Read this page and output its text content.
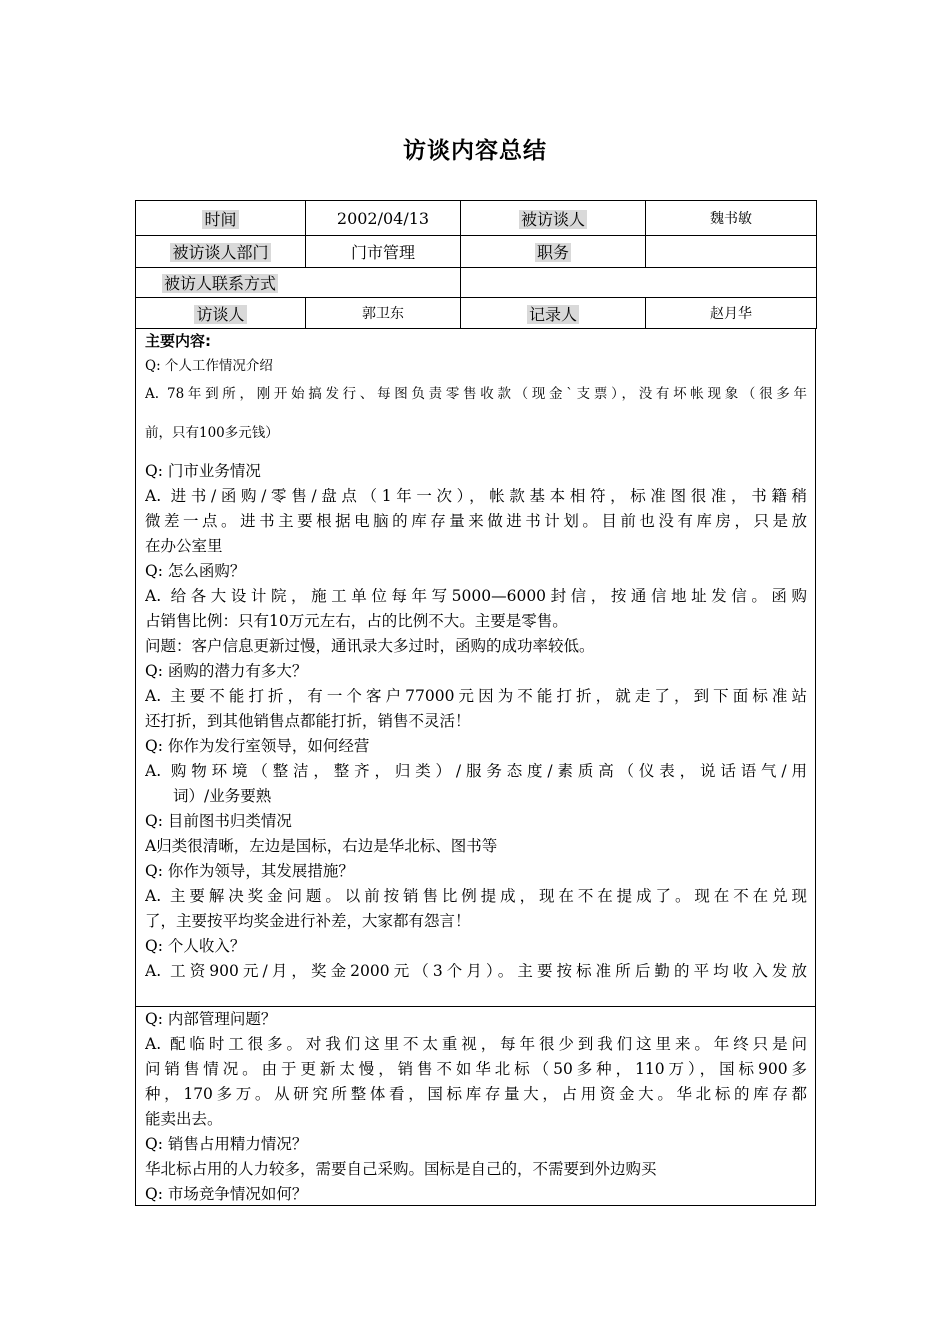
访谈内容总结
时间	2002/04/13	被访谈人	魏书敏
被访谈人部门	门市管理	职务	
被访人联系方式			
访谈人	郭卫东	记录人	赵月华
主要内容:
Q: 个人工作情况介绍
A. 78年到所，刚开始搞发行、每图负责零售收款（现金`支票），没有坏帐现象（很多年
前，只有100多元钱）
Q: 门市业务情况
A. 进书/函购/零售/盘点（1年一次），帐款基本相符，标准图很准，书籍稍
微差一点。进书主要根据电脑的库存量来做进书计划。目前也没有库房，只是放
在办公室里
Q: 怎么函购？
A. 给各大设计院，施工单位每年写5000—6000封信，按通信地址发信。函购
占销售比例：只有10万元左右，占的比例不大。主要是零售。
问题：客户信息更新过慢，通讯录大多过时，函购的成功率较低。
Q: 函购的潜力有多大？
A. 主要不能打折，有一个客户77000元因为不能打折，就走了，到下面标准站
还打折，到其他销售点都能打折，销售不灵活！
Q: 你作为发行室领导，如何经营
A. 购物环境（整洁，整齐，归类）/服务态度/素质高（仪表，说话语气/用
词）/业务要熟
Q: 目前图书归类情况
A归类很清晰，左边是国标，右边是华北标、图书等
Q: 你作为领导，其发展措施？
A. 主要解决奖金问题。以前按销售比例提成，现在不在提成了。现在不在兑现
了，主要按平均奖金进行补差，大家都有怨言！
Q: 个人收入？
A. 工资900元/月，奖金2000元（3个月）。主要按标准所后勤的平均收入发放
Q: 内部管理问题？
A. 配临时工很多。对我们这里不太重视，每年很少到我们这里来。年终只是问
问销售情况。由于更新太慢，销售不如华北标（50多种，110万），国标900多
种，170多万。从研究所整体看，国标库存量大，占用资金大。华北标的库存都
能卖出去。
Q: 销售占用精力情况？
华北标占用的人力较多，需要自己采购。国标是自己的，不需要到外边购买
Q: 市场竞争情况如何？
